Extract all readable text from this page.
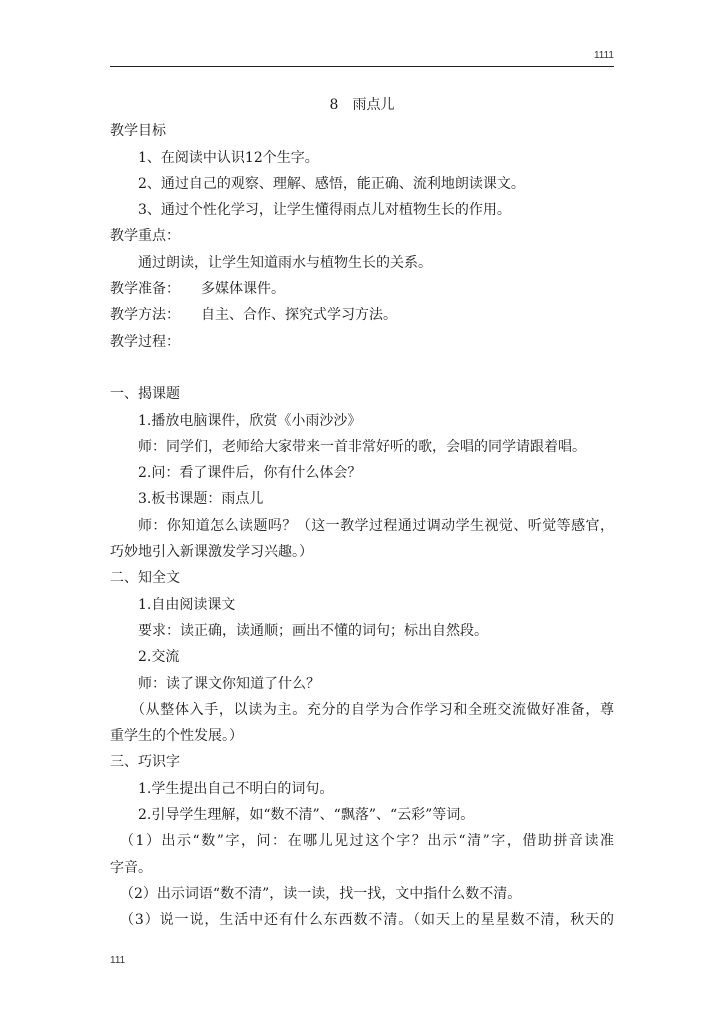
1111
8　雨点儿
教学目标
1、在阅读中认识12个生字。
2、通过自己的观察、理解、感悟，能正确、流利地朗读课文。
3、通过个性化学习，让学生懂得雨点儿对植物生长的作用。
教学重点：
通过朗读，让学生知道雨水与植物生长的关系。
教学准备：　　多媒体课件。
教学方法：　　自主、合作、探究式学习方法。
教学过程：
一、揭课题
1.播放电脑课件，欣赏《小雨沙沙》
师：同学们，老师给大家带来一首非常好听的歌，会唱的同学请跟着唱。
2.问：看了课件后，你有什么体会？
3.板书课题：雨点儿
师：你知道怎么读题吗？（这一教学过程通过调动学生视觉、听觉等感官，
巧妙地引入新课激发学习兴趣。）
二、知全文
1.自由阅读课文
要求：读正确，读通顺；画出不懂的词句；标出自然段。
2.交流
师：读了课文你知道了什么？
（从整体入手，以读为主。充分的自学为合作学习和全班交流做好准备，尊
重学生的个性发展。）
三、巧识字
1.学生提出自己不明白的词句。
2.引导学生理解，如“数不清”、“飘落”、“云彩”等词。
（1）出示“数”字，问：在哪儿见过这个字？出示“清”字，借助拼音读准
字音。
（2）出示词语“数不清”，读一读，找一找，文中指什么数不清。
（3）说一说，生活中还有什么东西数不清。（如天上的星星数不清，秋天的
111
